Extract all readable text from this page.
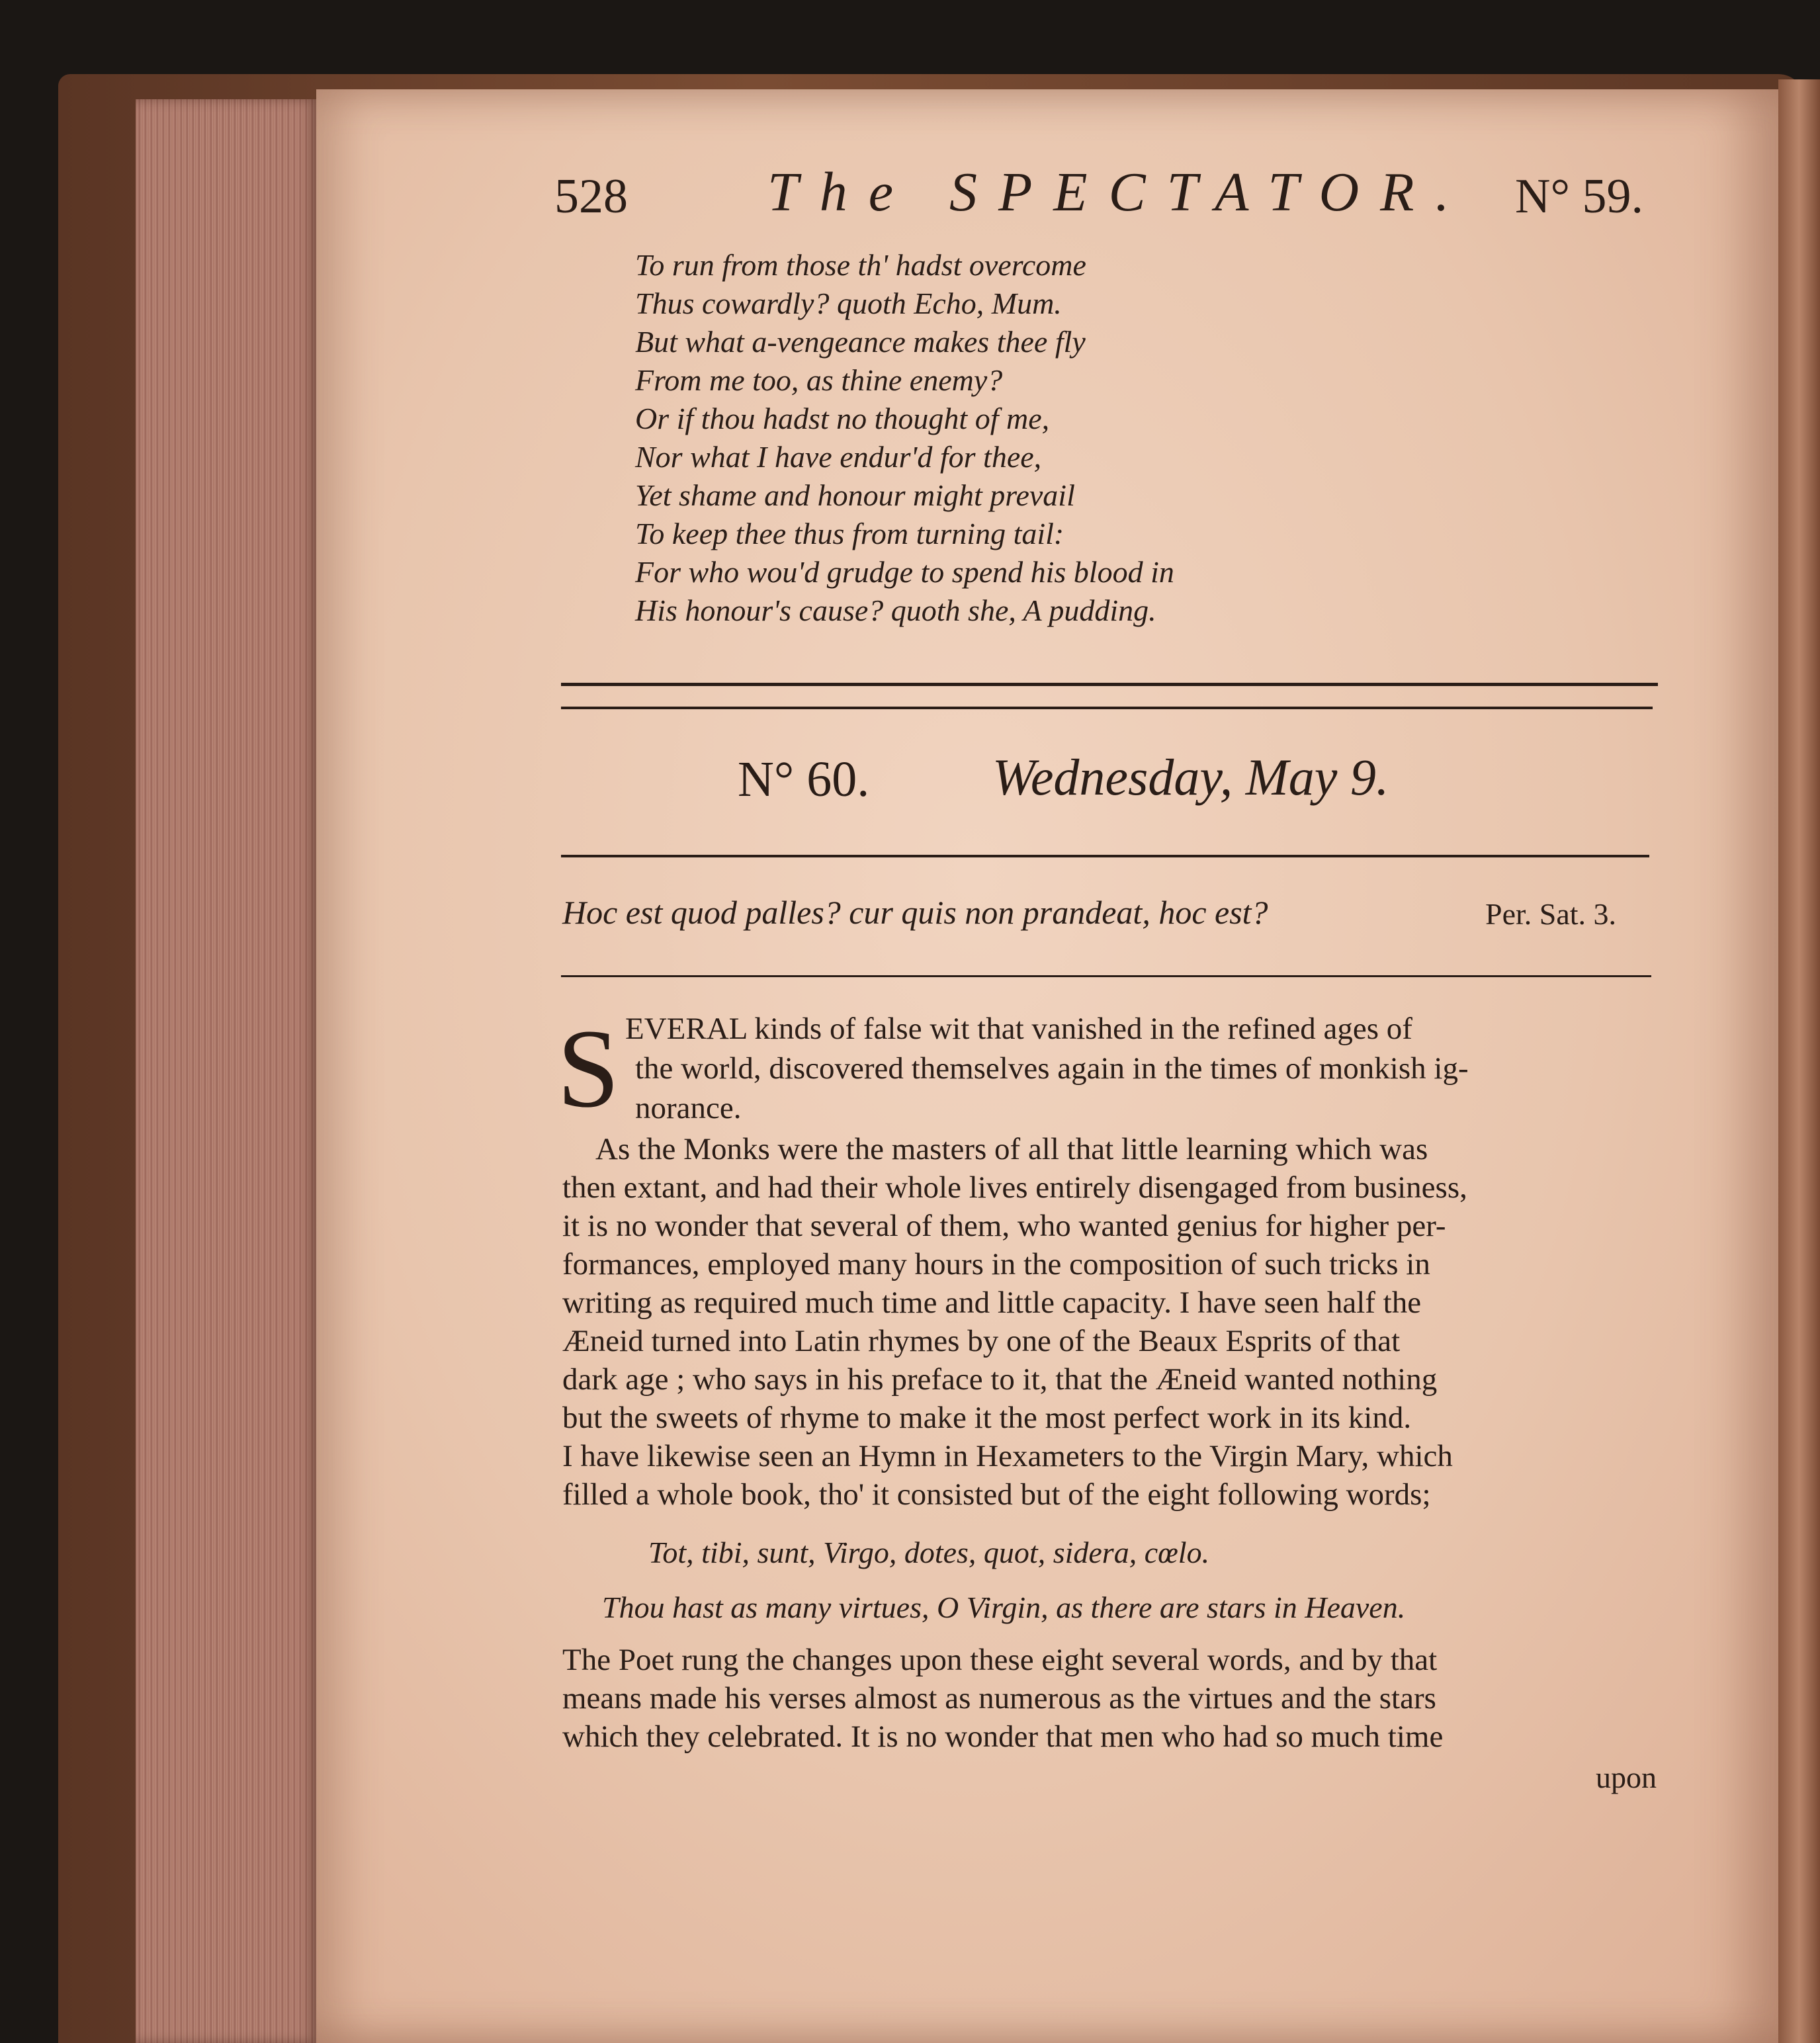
528	The SPECTATOR. N° 59.
To run from those th' hadst overcome
Thus cowardly? quoth Echo, Mum.
But what a-vengeance makes thee fly
From me too, as thine enemy?
Or if thou hadst no thought of me,
Nor what I have endur'd for thee,
Yet shame and honour might prevail
To keep thee thus from turning tail:
For who wou'd grudge to spend his blood in
His honour's cause? quoth she, A pudding.
N° 60. Wednesday, May 9.
Hoc est quod palles? cur quis non prandeat, hoc est?	Per. Sat. 3.
S EVERAL kinds of false wit that vanished in the refined ages of
the world, discovered themselves again in the times of monkish ig-
norance.
As the Monks were the masters of all that little learning which was
then extant, and had their whole lives entirely disengaged from business,
it is no wonder that several of them, who wanted genius for higher per-
formances, employed many hours in the composition of such tricks in
writing as required much time and little capacity. I have seen half the
Æneid turned into Latin rhymes by one of the Beaux Esprits of that
dark age ; who says in his preface to it, that the Æneid wanted nothing
but the sweets of rhyme to make it the most perfect work in its kind.
I have likewise seen an Hymn in Hexameters to the Virgin Mary, which
filled a whole book, tho' it consisted but of the eight following words;
Tot, tibi, sunt, Virgo, dotes, quot, sidera, cœlo.
Thou hast as many virtues, O Virgin, as there are stars in Heaven.
The Poet rung the changes upon these eight several words, and by that
means made his verses almost as numerous as the virtues and the stars
which they celebrated. It is no wonder that men who had so much time
upon
